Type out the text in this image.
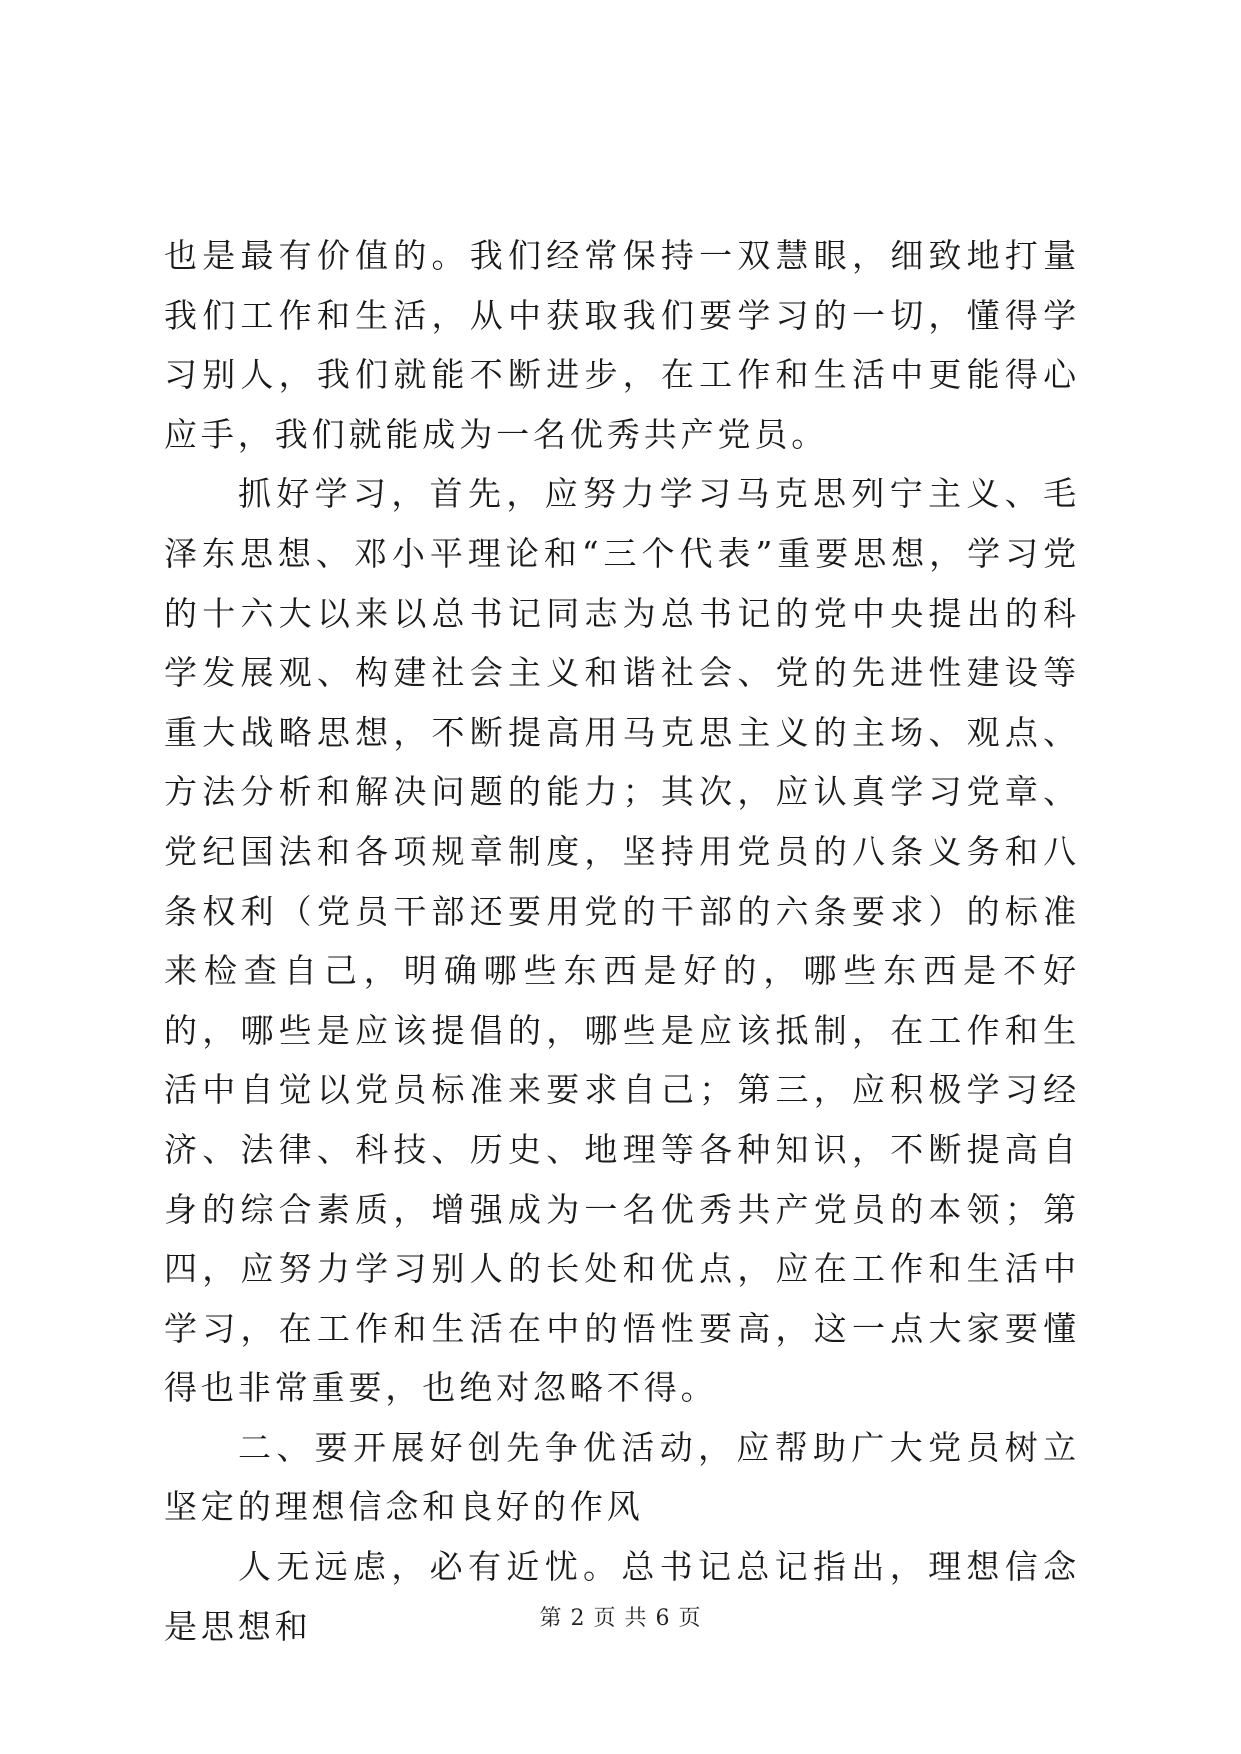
也是最有价值的。我们经常保持一双慧眼，细致地打量我们工作和生活，从中获取我们要学习的一切，懂得学习别人，我们就能不断进步，在工作和生活中更能得心应手，我们就能成为一名优秀共产党员。

抓好学习，首先，应努力学习马克思列宁主义、毛泽东思想、邓小平理论和“三个代表”重要思想，学习党的十六大以来以总书记同志为总书记的党中央提出的科学发展观、构建社会主义和谐社会、党的先进性建设等重大战略思想，不断提高用马克思主义的主场、观点、方法分析和解决问题的能力；其次，应认真学习党章、党纪国法和各项规章制度，坚持用党员的八条义务和八条权利（党员干部还要用党的干部的六条要求）的标准来检查自己，明确哪些东西是好的，哪些东西是不好的，哪些是应该提倡的，哪些是应该抵制，在工作和生活中自觉以党员标准来要求自己；第三，应积极学习经济、法律、科技、历史、地理等各种知识，不断提高自身的综合素质，增强成为一名优秀共产党员的本领；第四，应努力学习别人的长处和优点，应在工作和生活中学习，在工作和生活在中的悟性要高，这一点大家要懂得也非常重要，也绝对忽略不得。

二、要开展好创先争优活动，应帮助广大党员树立坚定的理想信念和良好的作风

人无远虑，必有近忧。总书记总记指出，理想信念是思想和	第 2 页 共 6 页
